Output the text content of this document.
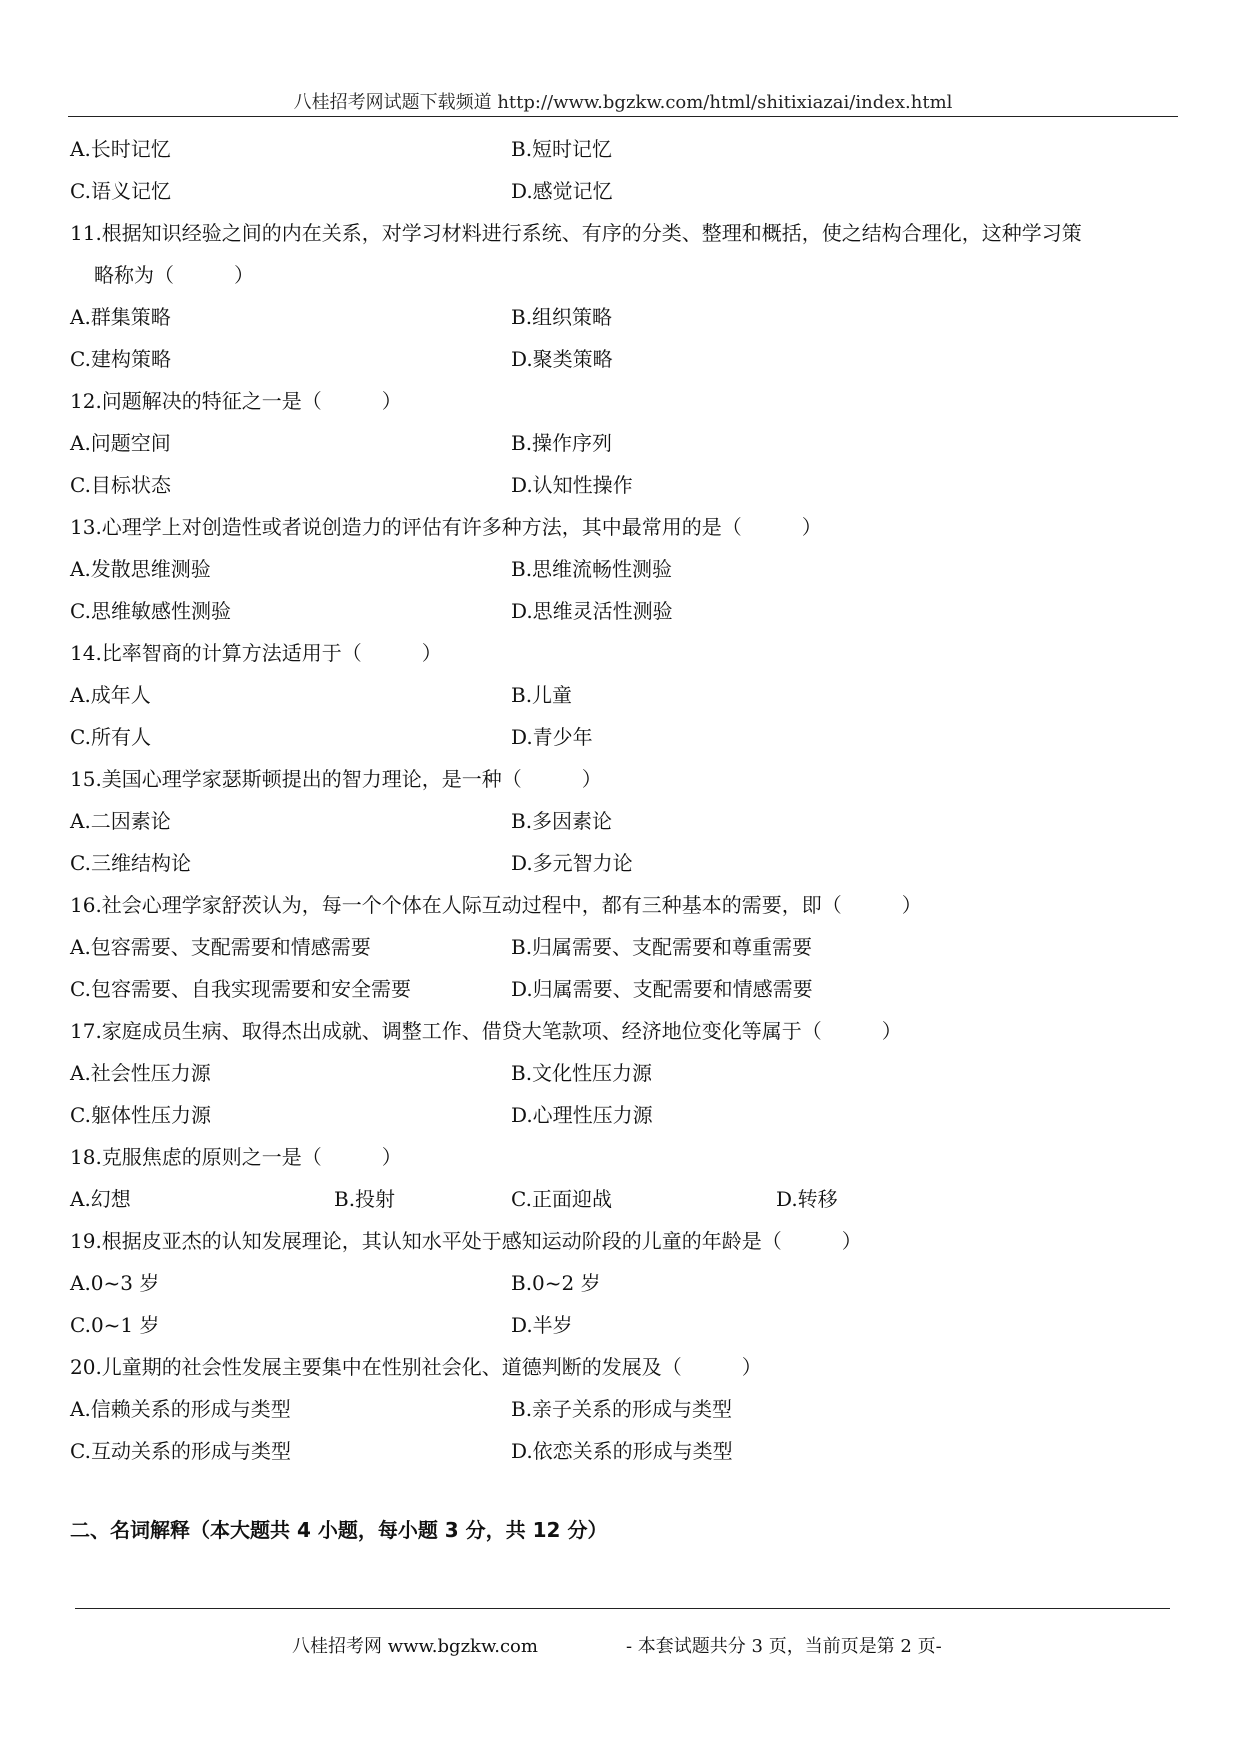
八桂招考网试题下载频道 http://www.bgzkw.com/html/shitixiazai/index.html
A.长时记忆	B.短时记忆
C.语义记忆	D.感觉记忆
11.根据知识经验之间的内在关系，对学习材料进行系统、有序的分类、整理和概括，使之结构合理化，这种学习策
略称为（　　　）
A.群集策略	B.组织策略
C.建构策略	D.聚类策略
12.问题解决的特征之一是（　　　）
A.问题空间	B.操作序列
C.目标状态	D.认知性操作
13.心理学上对创造性或者说创造力的评估有许多种方法，其中最常用的是（　　　）
A.发散思维测验	B.思维流畅性测验
C.思维敏感性测验	D.思维灵活性测验
14.比率智商的计算方法适用于（　　　）
A.成年人	B.儿童
C.所有人	D.青少年
15.美国心理学家瑟斯顿提出的智力理论，是一种（　　　）
A.二因素论	B.多因素论
C.三维结构论	D.多元智力论
16.社会心理学家舒茨认为，每一个个体在人际互动过程中，都有三种基本的需要，即（　　　）
A.包容需要、支配需要和情感需要	B.归属需要、支配需要和尊重需要
C.包容需要、自我实现需要和安全需要	D.归属需要、支配需要和情感需要
17.家庭成员生病、取得杰出成就、调整工作、借贷大笔款项、经济地位变化等属于（　　　）
A.社会性压力源	B.文化性压力源
C.躯体性压力源	D.心理性压力源
18.克服焦虑的原则之一是（　　　）
A.幻想	B.投射	C.正面迎战	D.转移
19.根据皮亚杰的认知发展理论，其认知水平处于感知运动阶段的儿童的年龄是（　　　）
A.0~3 岁	B.0~2 岁
C.0~1 岁	D.半岁
20.儿童期的社会性发展主要集中在性别社会化、道德判断的发展及（　　　）
A.信赖关系的形成与类型	B.亲子关系的形成与类型
C.互动关系的形成与类型	D.依恋关系的形成与类型
二、名词解释（本大题共 4 小题，每小题 3 分，共 12 分）
八桂招考网 www.bgzkw.com	- 本套试题共分 3 页，当前页是第 2 页-
